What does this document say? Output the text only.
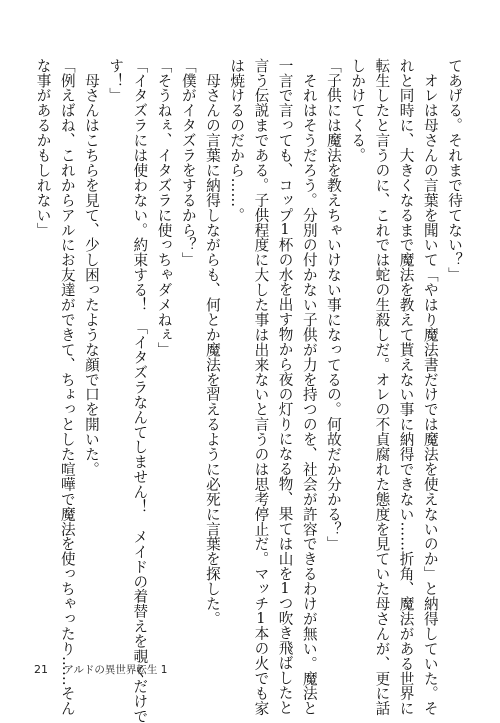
てあげる。それまで待てない？」
　オレは母さんの言葉を聞いて「やはり魔法書だけでは魔法を使えないのか」と納得していた。そ
れと同時に、大きくなるまで魔法を教えて貰えない事に納得できない……折角、魔法がある世界に
転生したと言うのに、これでは蛇の生殺しだ。オレの不貞腐れた態度を見ていた母さんが、更に話
しかけてくる。
「子供には魔法を教えちゃいけない事になってるの。何故だか分かる？」
　それはそうだろう。分別の付かない子供が力を持つのを、社会が許容できるわけが無い。魔法と
一言で言っても、コップ1杯の水を出す物から夜の灯りになる物、果ては山を1つ吹き飛ばしたと
言う伝説まである。子供程度に大した事は出来ないと言うのは思考停止だ。マッチ1本の火でも家
は焼けるのだから……。
　母さんの言葉に納得しながらも、何とか魔法を習えるように必死に言葉を探した。
「僕がイタズラをするから？」
「そうねぇ、イタズラに使っちゃダメねぇ」
「イタズラには使わない。約束する！　「イタズラなんてしません！　メイドの着替えを覗くだけで
す！」
　母さんはこちらを見て、少し困ったような顔で口を開いた。
「例えばね、これからアルにお友達ができて、ちょっとした喧嘩で魔法を使っちゃったり……そん
な事があるかもしれない」
21 アルドの異世界転生 1
